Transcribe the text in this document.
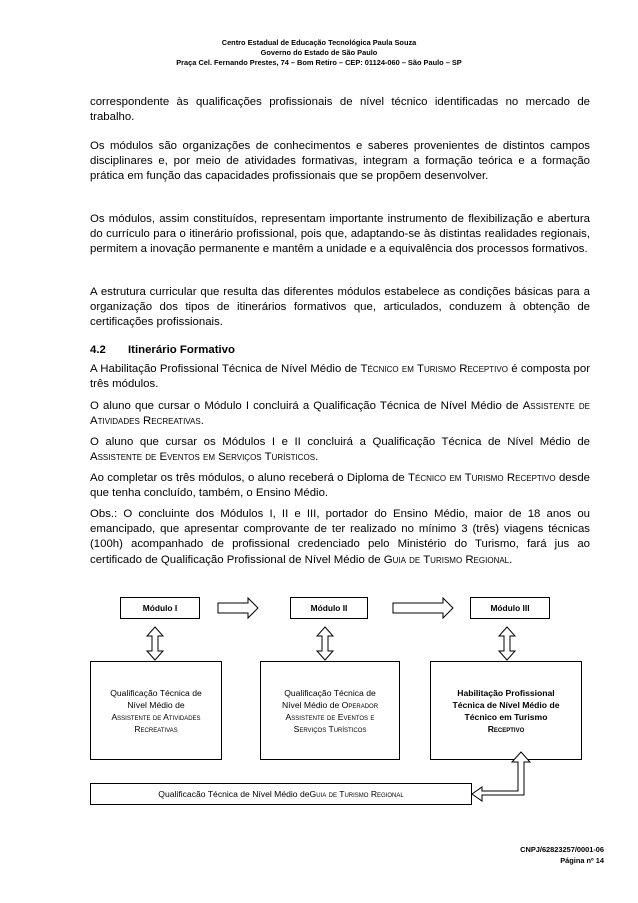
Centro Estadual de Educação Tecnológica Paula Souza
Governo do Estado de São Paulo
Praça Cel. Fernando Prestes, 74 – Bom Retiro – CEP: 01124-060 – São Paulo – SP
correspondente às qualificações profissionais de nível técnico identificadas no mercado de trabalho.
Os módulos são organizações de conhecimentos e saberes provenientes de distintos campos disciplinares e, por meio de atividades formativas, integram a formação teórica e a formação prática em função das capacidades profissionais que se propõem desenvolver.
Os módulos, assim constituídos, representam importante instrumento de flexibilização e abertura do currículo para o itinerário profissional, pois que, adaptando-se às distintas realidades regionais, permitem a inovação permanente e mantêm a unidade e a equivalência dos processos formativos.
A estrutura curricular que resulta das diferentes módulos estabelece as condições básicas para a organização dos tipos de itinerários formativos que, articulados, conduzem à obtenção de certificações profissionais.
4.2 Itinerário Formativo
A Habilitação Profissional Técnica de Nível Médio de Técnico em Turismo Receptivo é composta por três módulos.
O aluno que cursar o Módulo I concluirá a Qualificação Técnica de Nível Médio de Assistente de Atividades Recreativas.
O aluno que cursar os Módulos I e II concluirá a Qualificação Técnica de Nível Médio de Assistente de Eventos em Serviços Turísticos.
Ao completar os três módulos, o aluno receberá o Diploma de Técnico em Turismo Receptivo desde que tenha concluído, também, o Ensino Médio.
Obs.: O concluinte dos Módulos I, II e III, portador do Ensino Médio, maior de 18 anos ou emancipado, que apresentar comprovante de ter realizado no mínimo 3 (três) viagens técnicas (100h) acompanhado de profissional credenciado pelo Ministério do Turismo, fará jus ao certificado de Qualificação Profissional de Nível Médio de Guia de Turismo Regional.
Módulo I	Módulo II	Módulo III
Qualificação Técnica de
Nível Médio de
Assistente de Atividades
Recreativas
Qualificação Técnica de
Nível Médio de Operador
Assistente de Eventos e
Serviços Turísticos
Habilitação Profissional
Técnica de Nível Médio de
Técnico em Turismo
Receptivo
Qualificacão Técnica de Nível Médio de Guia de Turismo Regional
CNPJ/62823257/0001-06
Página nº 14
